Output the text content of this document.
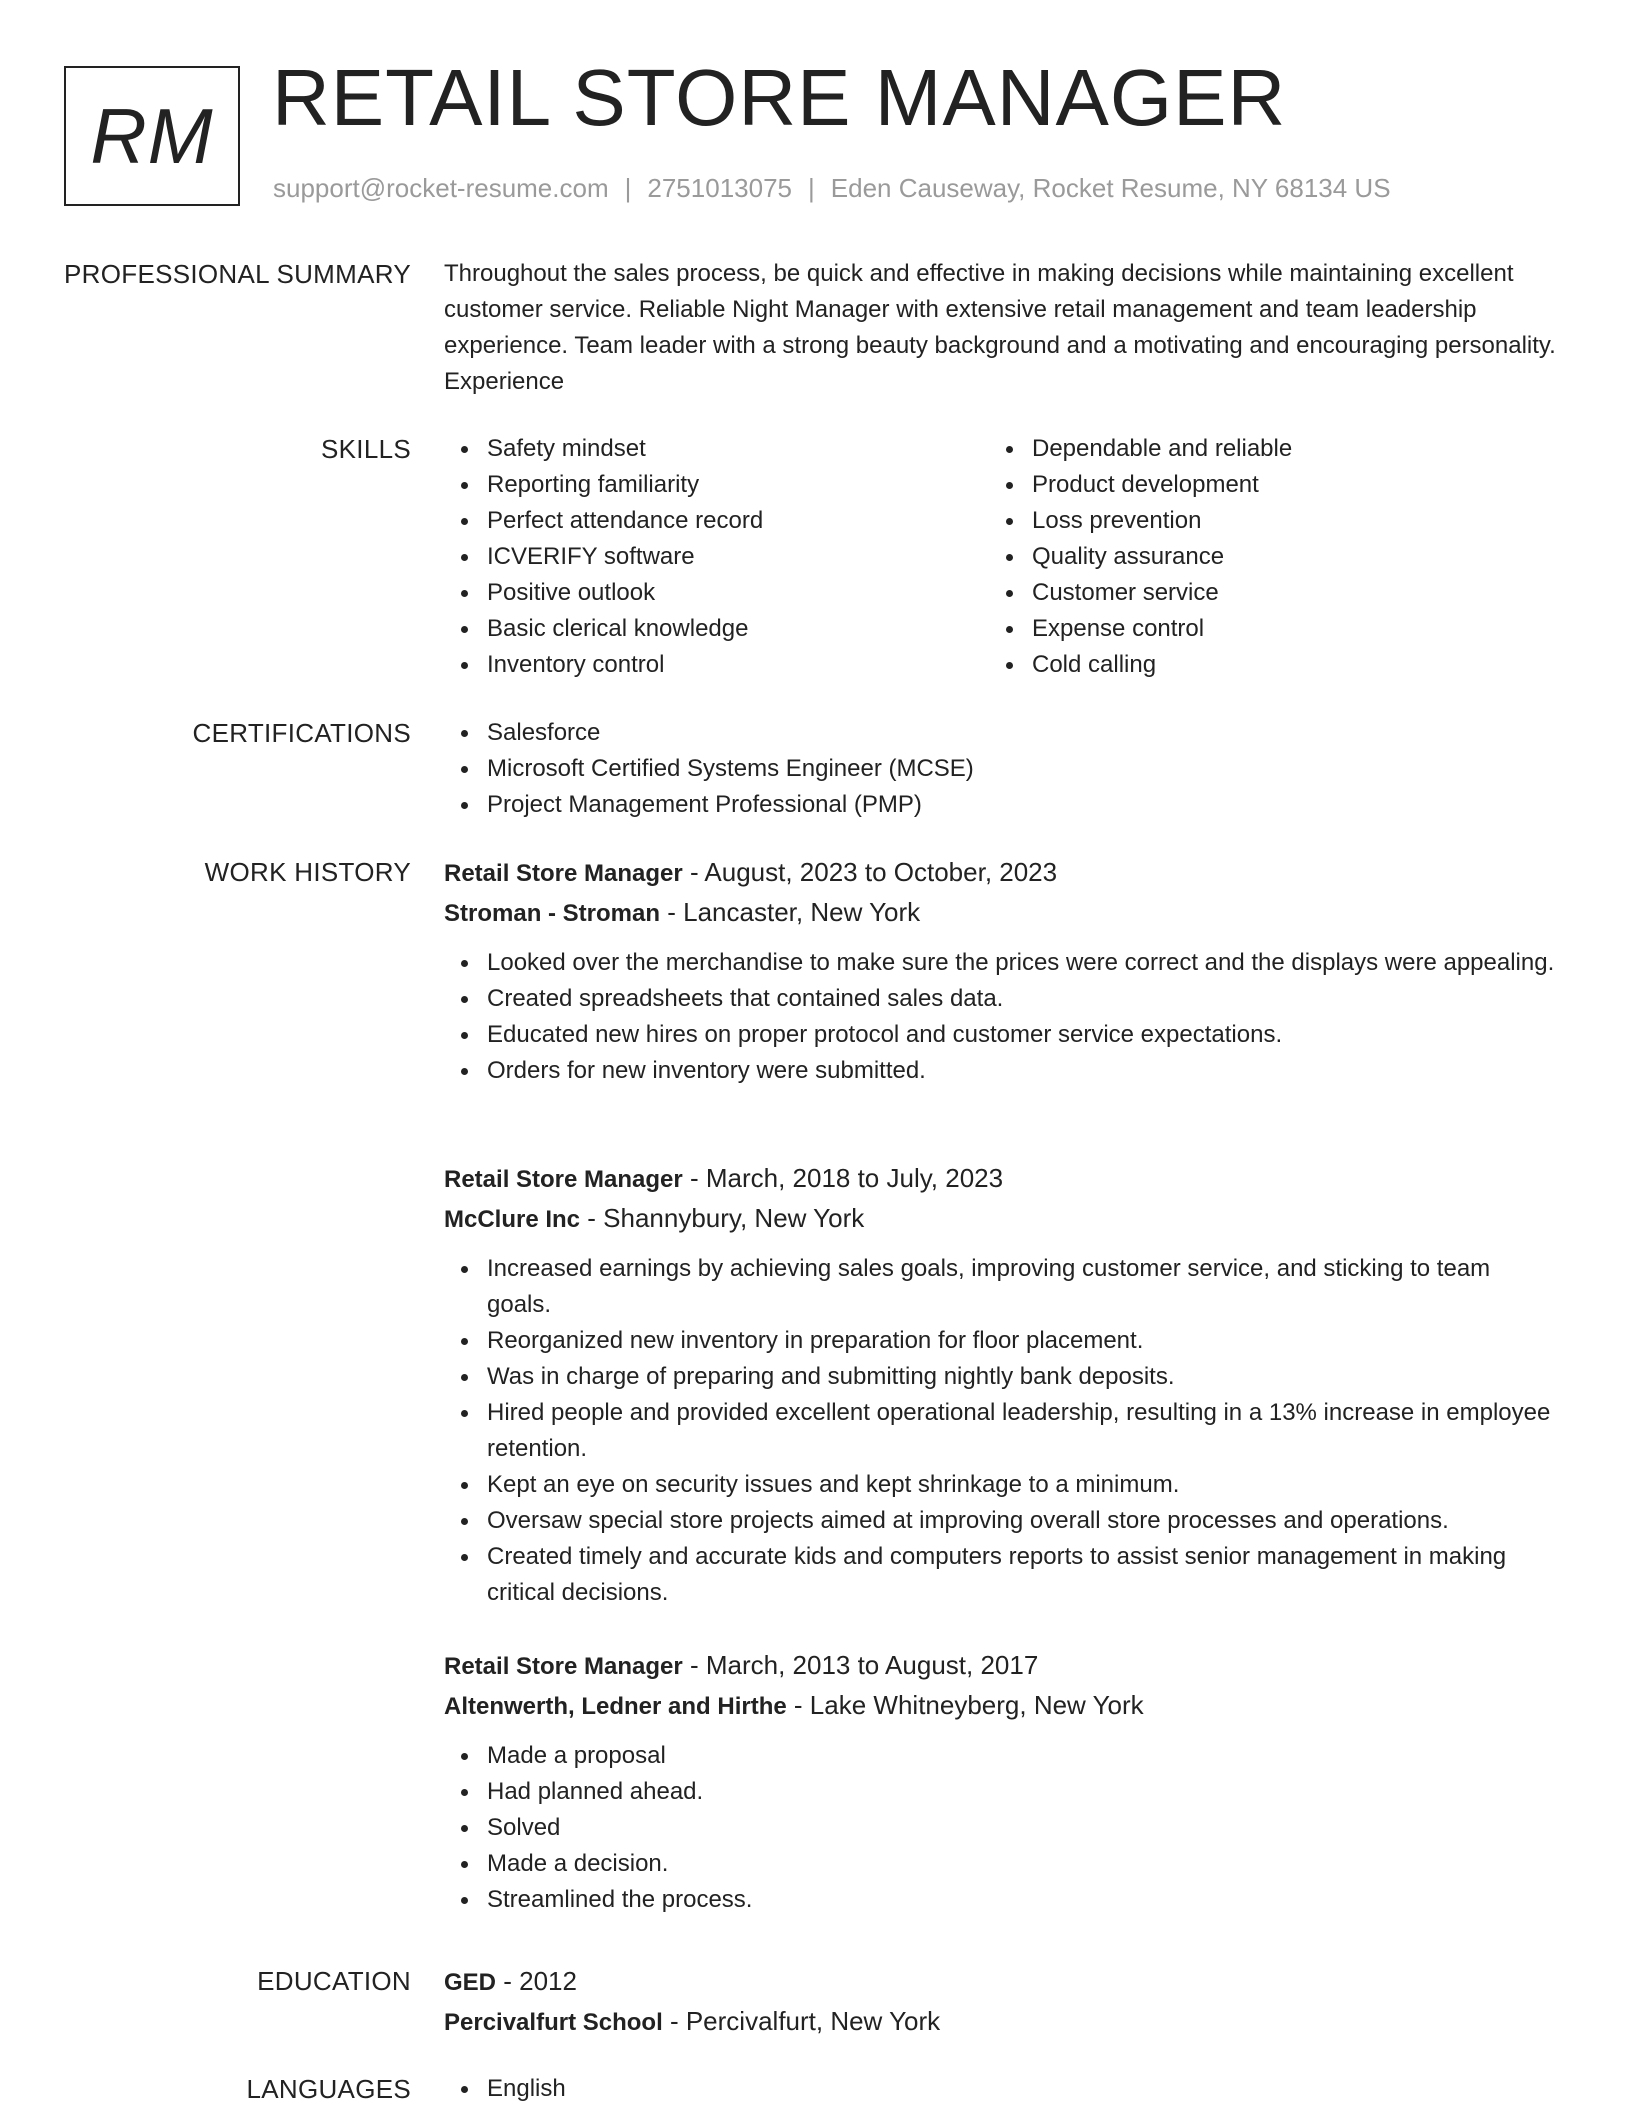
RM RETAIL STORE MANAGER
support@rocket-resume.com | 2751013075 | Eden Causeway, Rocket Resume, NY 68134 US
PROFESSIONAL SUMMARY Throughout the sales process, be quick and effective in making decisions while maintaining excellent customer service. Reliable Night Manager with extensive retail management and team leadership experience. Team leader with a strong beauty background and a motivating and encouraging personality. Experience

SKILLS	Safety mindset
Reporting familiarity
Perfect attendance record
ICVERIFY software
Positive outlook
Basic clerical knowledge
Inventory control
Dependable and reliable
Product development
Loss prevention
Quality assurance
Customer service
Expense control
Cold calling
CERTIFICATIONS	Salesforce
Microsoft Certified Systems Engineer (MCSE)
Project Management Professional (PMP)
WORK HISTORY Retail Store Manager - August, 2023 to October, 2023
Stroman - Stroman - Lancaster, New York
Looked over the merchandise to make sure the prices were correct and the displays were appealing.
Created spreadsheets that contained sales data.
Educated new hires on proper protocol and customer service expectations.
Orders for new inventory were submitted.
Retail Store Manager - March, 2018 to July, 2023
McClure Inc - Shannybury, New York
Increased earnings by achieving sales goals, improving customer service, and sticking to team goals.
Reorganized new inventory in preparation for floor placement.
Was in charge of preparing and submitting nightly bank deposits.
Hired people and provided excellent operational leadership, resulting in a 13% increase in employee retention.
Kept an eye on security issues and kept shrinkage to a minimum.
Oversaw special store projects aimed at improving overall store processes and operations.
Created timely and accurate kids and computers reports to assist senior management in making critical decisions.
Retail Store Manager - March, 2013 to August, 2017
Altenwerth, Ledner and Hirthe - Lake Whitneyberg, New York
Made a proposal
Had planned ahead.
Solved
Made a decision.
Streamlined the process.
EDUCATION GED - 2012
Percivalfurt School - Percivalfurt, New York
LANGUAGES	English
